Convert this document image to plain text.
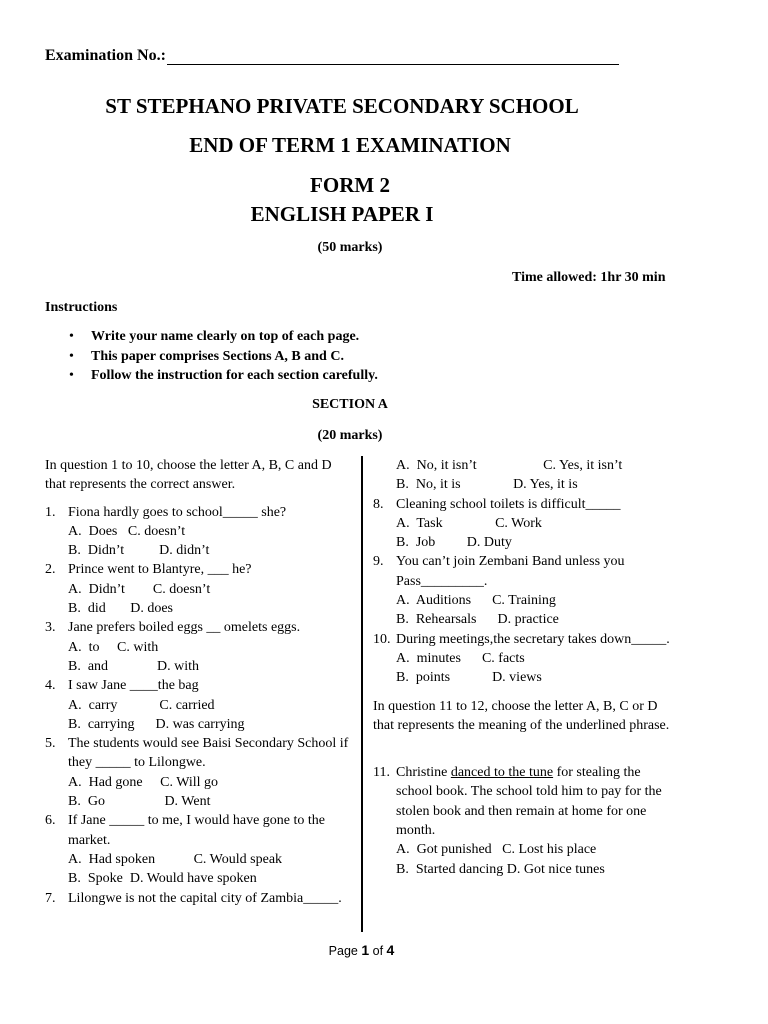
Examination No.:
ST STEPHANO PRIVATE SECONDARY SCHOOL
END OF TERM 1 EXAMINATION
FORM 2
ENGLISH PAPER I
(50 marks)
Time allowed: 1hr 30 min
Instructions
• Write your name clearly on top of each page.
• This paper comprises Sections A, B and C.
• Follow the instruction for each section carefully.
SECTION A
(20 marks)

In question 1 to 10, choose the letter A, B, C and D that represents the correct answer.

1. Fiona hardly goes to school_____ she?
A.  Does   C. doesn’t
B.  Didn’t          D. didn’t
2. Prince went to Blantyre, ___ he?
A.  Didn’t        C. doesn’t
B.  did       D. does
3. Jane prefers boiled eggs __ omelets eggs.
A.  to     C. with
B.  and              D. with
4. I saw Jane ____the bag
A.  carry            C. carried
B.  carrying      D. was carrying
5. The students would see Baisi Secondary School if they _____ to Lilongwe.
A.  Had gone     C. Will go
B.  Go                 D. Went
6. If Jane _____ to me, I would have gone to the market.
A.  Had spoken           C. Would speak
B.  Spoke  D. Would have spoken
7. Lilongwe is not the capital city of Zambia_____.
A.  No, it isn’t                   C. Yes, it isn’t
B.  No, it is               D. Yes, it is
8. Cleaning school toilets is difficult_____
A.  Task               C. Work
B.  Job         D. Duty
9. You can’t join Zembani Band unless you Pass_________.
A.  Auditions      C. Training
B.  Rehearsals      D. practice
10. During meetings,the secretary takes down_____.
A.  minutes      C. facts
B.  points            D. views

In question 11 to 12, choose the letter A, B, C or D that represents the meaning of the underlined phrase.

11. Christine danced to the tune for stealing the school book. The school told him to pay for the stolen book and then remain at home for one month.
A.  Got punished   C. Lost his place
B.  Started dancing D. Got nice tunes
Page 1 of 4
